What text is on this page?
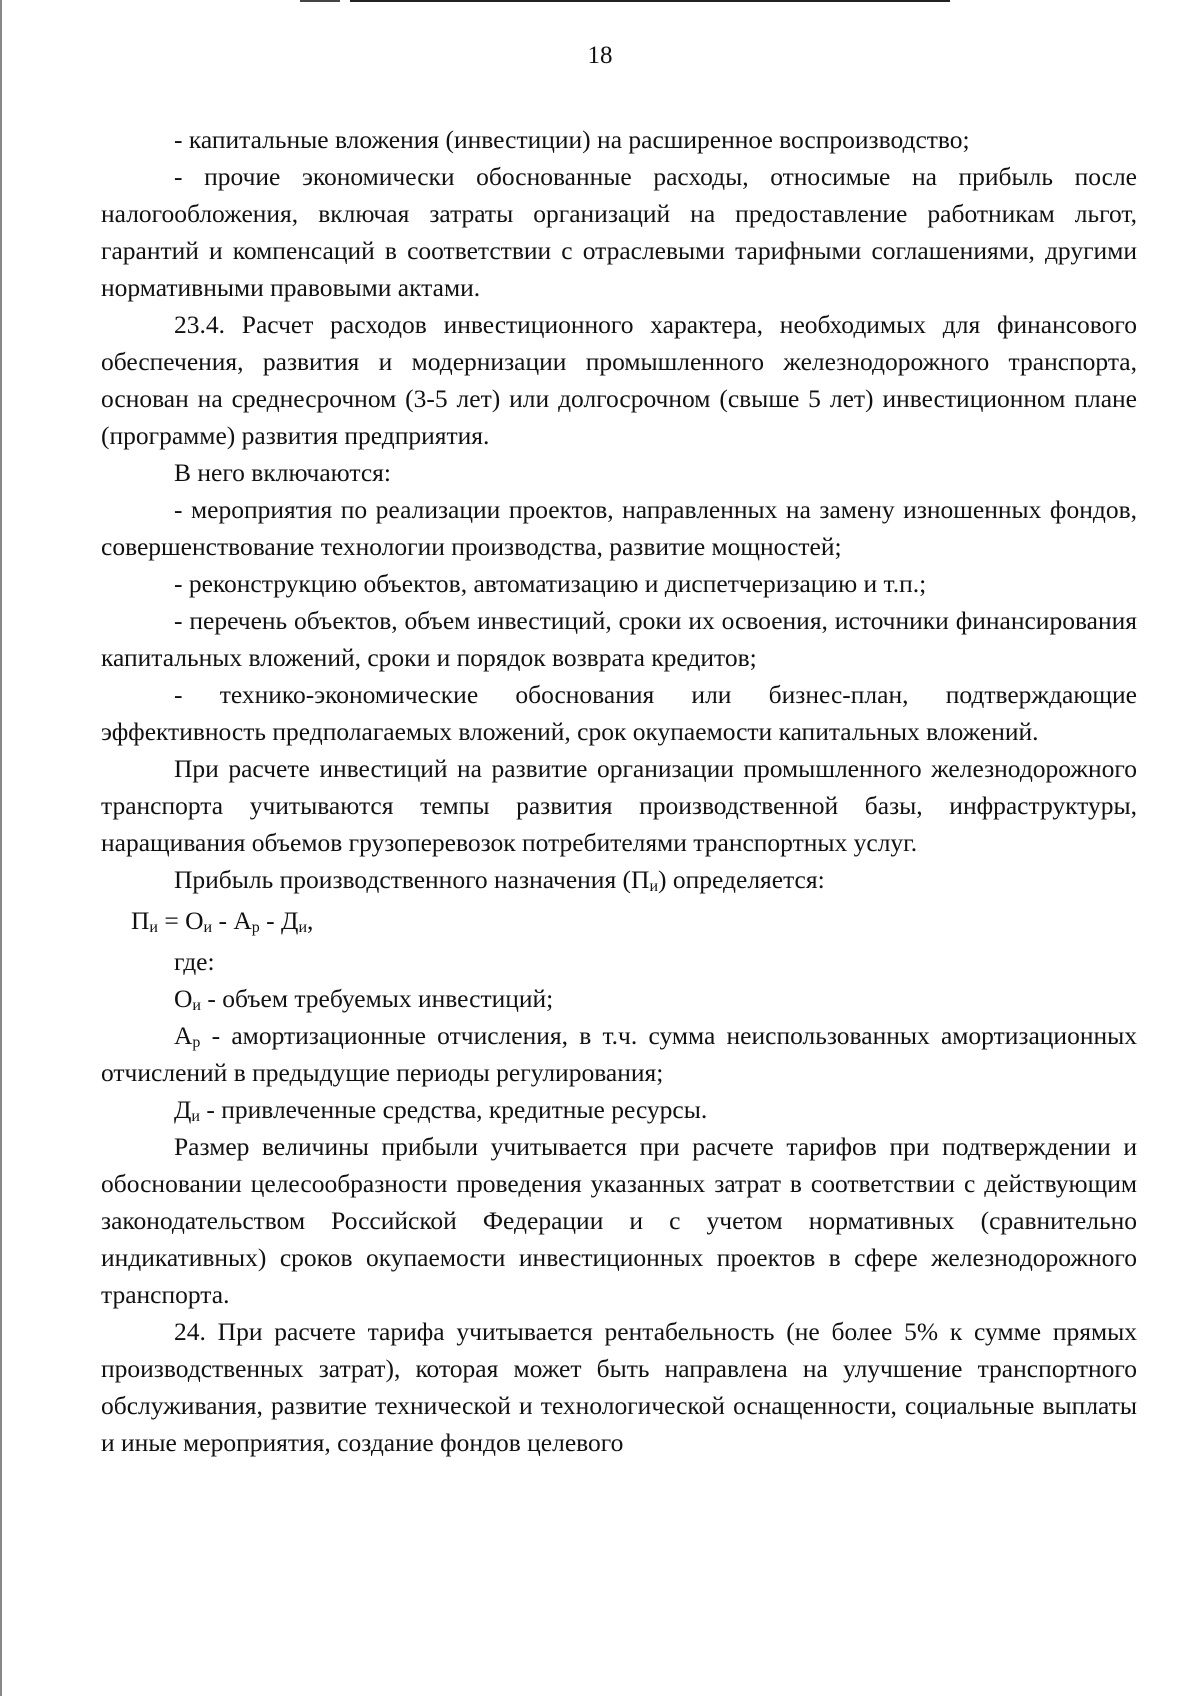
18

- капитальные вложения (инвестиции) на расширенное воспроизводство;

- прочие экономически обоснованные расходы, относимые на прибыль после налогообложения, включая затраты организаций на предоставление работникам льгот, гарантий и компенсаций в соответствии с отраслевыми тарифными соглашениями, другими нормативными правовыми актами.

23.4. Расчет расходов инвестиционного характера, необходимых для финансового обеспечения, развития и модернизации промышленного железнодорожного транспорта, основан на среднесрочном (3-5 лет) или долгосрочном (свыше 5 лет) инвестиционном плане (программе) развития предприятия.

В него включаются:

- мероприятия по реализации проектов, направленных на замену изношенных фондов, совершенствование технологии производства, развитие мощностей;

- реконструкцию объектов, автоматизацию и диспетчеризацию и т.п.;

- перечень объектов, объем инвестиций, сроки их освоения, источники финансирования капитальных вложений, сроки и порядок возврата кредитов;

- технико-экономические обоснования или бизнес-план, подтверждающие эффективность предполагаемых вложений, срок окупаемости капитальных вложений.

При расчете инвестиций на развитие организации промышленного железнодорожного транспорта учитываются темпы развития производственной базы, инфраструктуры, наращивания объемов грузоперевозок потребителями транспортных услуг.

Прибыль производственного назначения $(П_и)$ определяется:

$П_и = О_и - А_р - Д_и$,

где:

$О_и$ - объем требуемых инвестиций;

$А_р$ - амортизационные отчисления, в т.ч. сумма неиспользованных амортизационных отчислений в предыдущие периоды регулирования;

$Д_и$ - привлеченные средства, кредитные ресурсы.

Размер величины прибыли учитывается при расчете тарифов при подтверждении и обосновании целесообразности проведения указанных затрат в соответствии с действующим законодательством Российской Федерации и с учетом нормативных (сравнительно индикативных) сроков окупаемости инвестиционных проектов в сфере железнодорожного транспорта.

24. При расчете тарифа учитывается рентабельность (не более 5% к сумме прямых производственных затрат), которая может быть направлена на улучшение транспортного обслуживания, развитие технической и технологической оснащенности, социальные выплаты и иные мероприятия, создание фондов целевого
